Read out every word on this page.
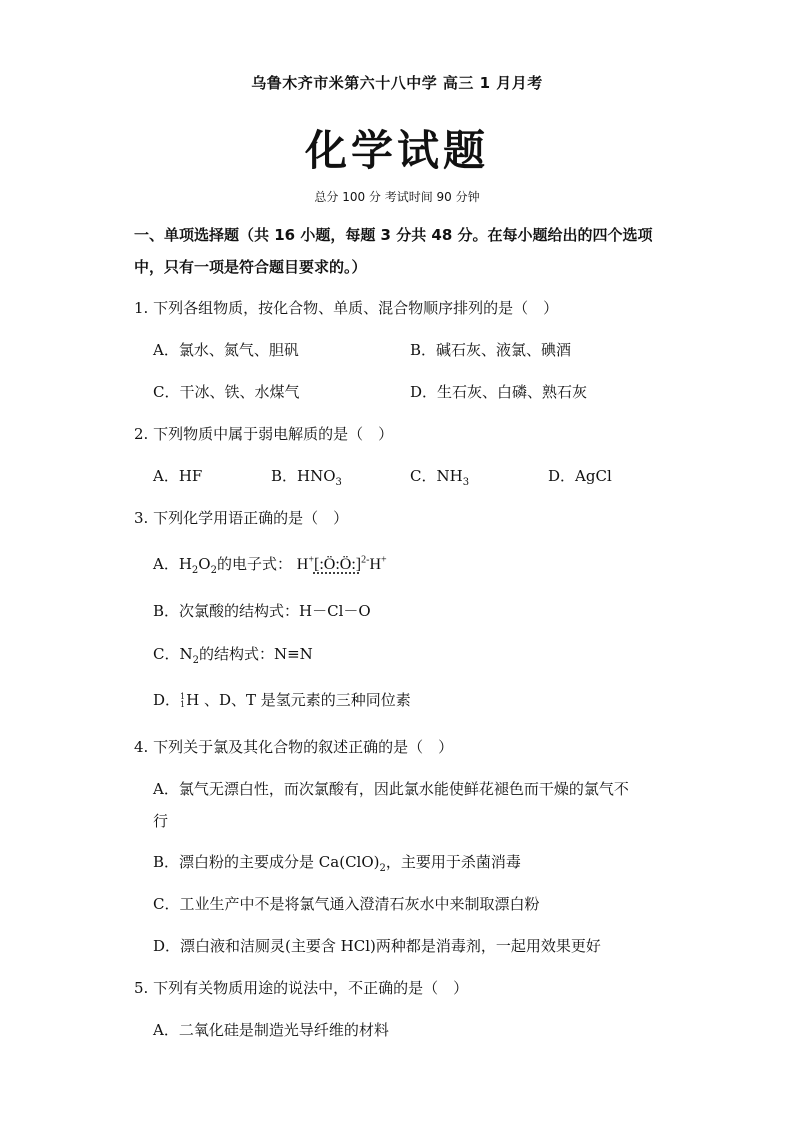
乌鲁木齐市米第六十八中学 高三 1 月月考
化学试题
总分 100 分 考试时间 90 分钟
一、单项选择题（共 16 小题，每题 3 分共 48 分。在每小题给出的四个选项
中，只有一项是符合题目要求的。）
1. 下列各组物质，按化合物、单质、混合物顺序排列的是（　）
A．氯水、氮气、胆矾	B．碱石灰、液氯、碘酒
C．干冰、铁、水煤气	D．生石灰、白磷、熟石灰
2. 下列物质中属于弱电解质的是（　）
A．HF	B．$HNO_3$	C．$NH_3$	D．AgCl
3. 下列化学用语正确的是（　）
A．$H_2O_2$的电子式： H+[:Ö:Ö:]$^{2-}$H+
B．次氯酸的结构式：H－Cl－O
C．$N_2$的结构式：N≡N
D． 1
1 H 、D、T 是氢元素的三种同位素
4. 下列关于氯及其化合物的叙述正确的是（　）
A．氯气无漂白性，而次氯酸有，因此氯水能使鲜花褪色而干燥的氯气不
行
B．漂白粉的主要成分是 $Ca(ClO)_2$，主要用于杀菌消毒
C．工业生产中不是将氯气通入澄清石灰水中来制取漂白粉
D．漂白液和洁厕灵(主要含 HCl)两种都是消毒剂，一起用效果更好
5. 下列有关物质用途的说法中，不正确的是（　）
A．二氧化硅是制造光导纤维的材料
